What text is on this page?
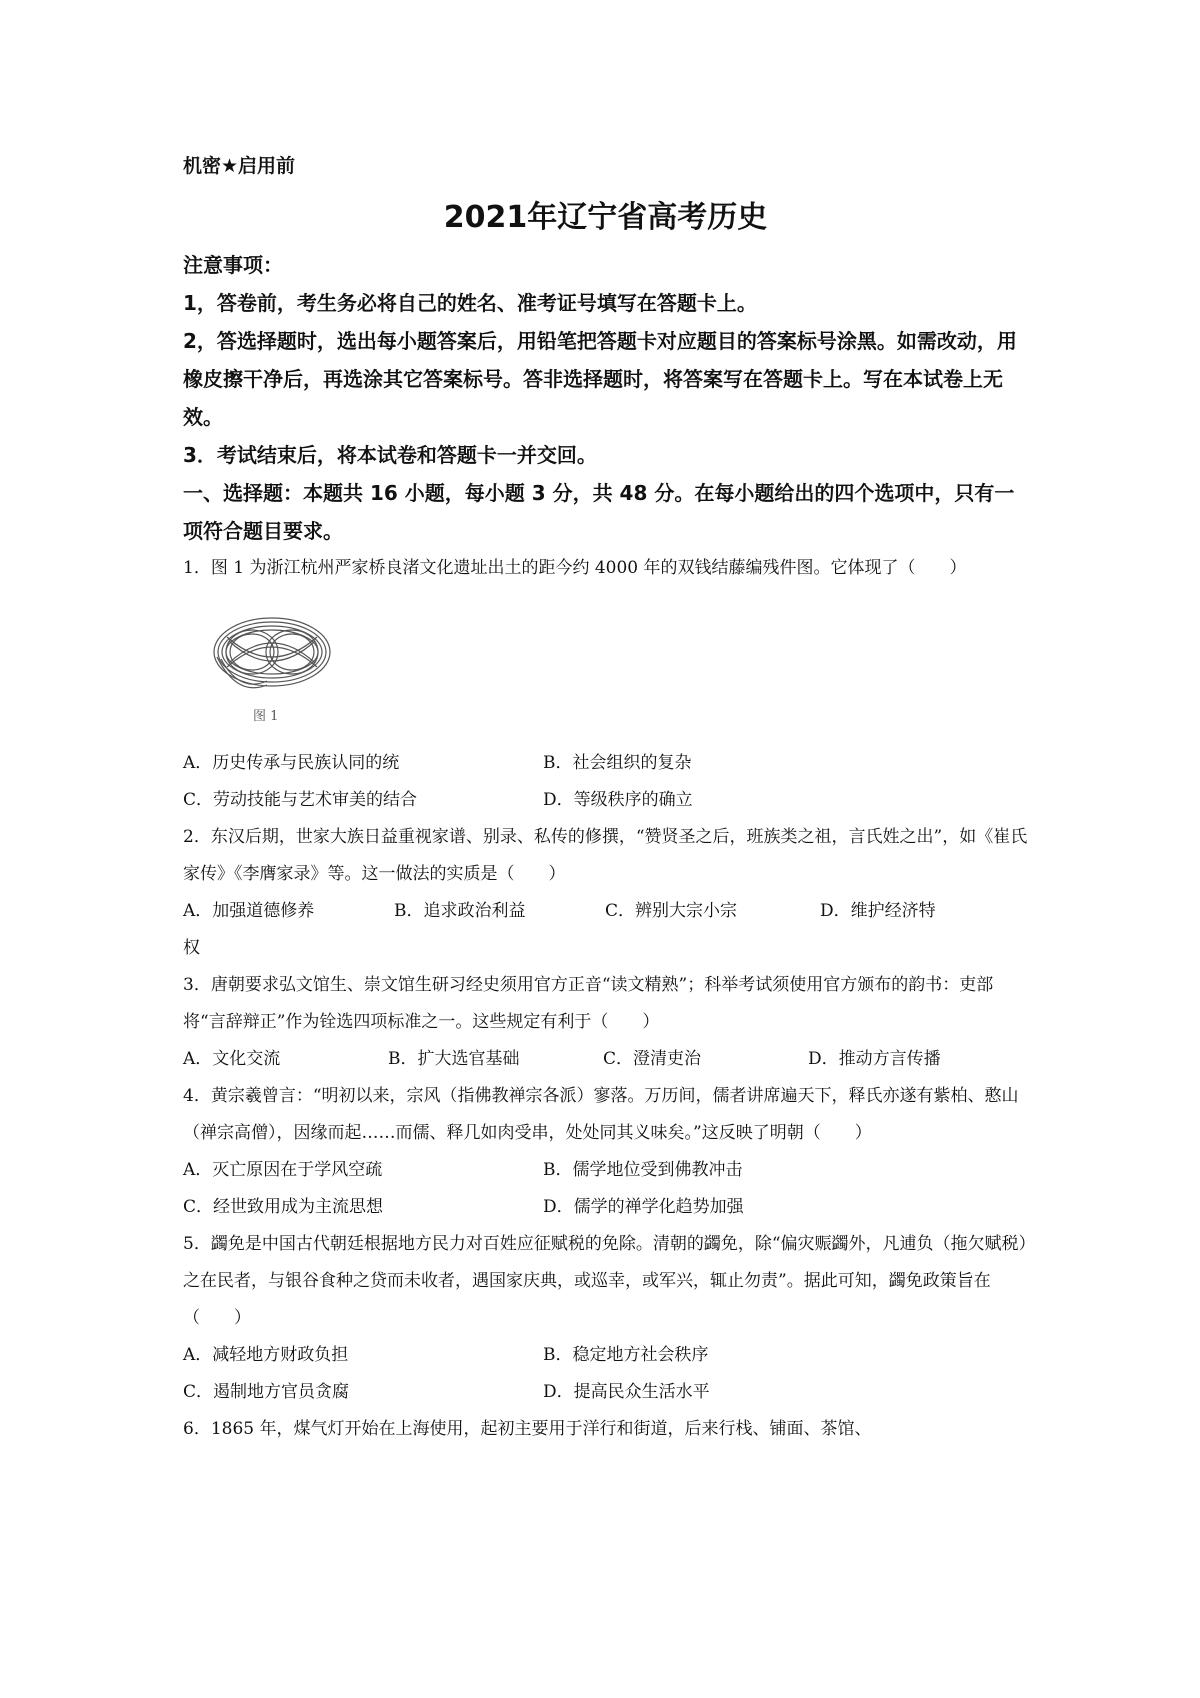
机密★启用前
2021年辽宁省高考历史

注意事项：

1，答卷前，考生务必将自己的姓名、准考证号填写在答题卡上。

2，答选择题时，选出每小题答案后，用铅笔把答题卡对应题目的答案标号涂黑。如需改动，用橡皮擦干净后，再选涂其它答案标号。答非选择题时，将答案写在答题卡上。写在本试卷上无效。

3．考试结束后，将本试卷和答题卡一并交回。

一、选择题：本题共 16 小题，每小题 3 分，共 48 分。在每小题给出的四个选项中，只有一项符合题目要求。

1．图 1 为浙江杭州严家桥良渚文化遗址出土的距今约 4000 年的双钱结藤编残件图。它体现了（　　）

图 1
A．历史传承与民族认同的统	B．社会组织的复杂
C．劳动技能与艺术审美的结合	D．等级秩序的确立

2．东汉后期，世家大族日益重视家谱、别录、私传的修撰，“赞贤圣之后，班族类之祖，言氏姓之出”，如《崔氏家传》《李膺家录》等。这一做法的实质是（　　）

A．加强道德修养	B．追求政治利益	C．辨别大宗小宗	D．维护经济特

权

3．唐朝要求弘文馆生、崇文馆生研习经史须用官方正音“读文精熟”；科举考试须使用官方颁布的韵书：吏部将“言辞辩正”作为铨选四项标准之一。这些规定有利于（　　）

A．文化交流	B．扩大选官基础	C．澄清吏治	D．推动方言传播

4．黄宗羲曾言：“明初以来，宗风（指佛教禅宗各派）寥落。万历间，儒者讲席遍天下，释氏亦遂有紫柏、憨山（禅宗高僧），因缘而起……而儒、释几如肉受串，处处同其义味矣。”这反映了明朝（　　）

A．灭亡原因在于学风空疏	B．儒学地位受到佛教冲击
C．经世致用成为主流思想	D．儒学的禅学化趋势加强

5．蠲免是中国古代朝廷根据地方民力对百姓应征赋税的免除。清朝的蠲免，除“偏灾赈蠲外，凡逋负（拖欠赋税）之在民者，与银谷食种之贷而未收者，遇国家庆典，或巡幸，或军兴，辄止勿责”。据此可知，蠲免政策旨在（　　）

A．减轻地方财政负担	B．稳定地方社会秩序
C．遏制地方官员贪腐	D．提高民众生活水平

6．1865 年，煤气灯开始在上海使用，起初主要用于洋行和街道，后来行栈、铺面、茶馆、
